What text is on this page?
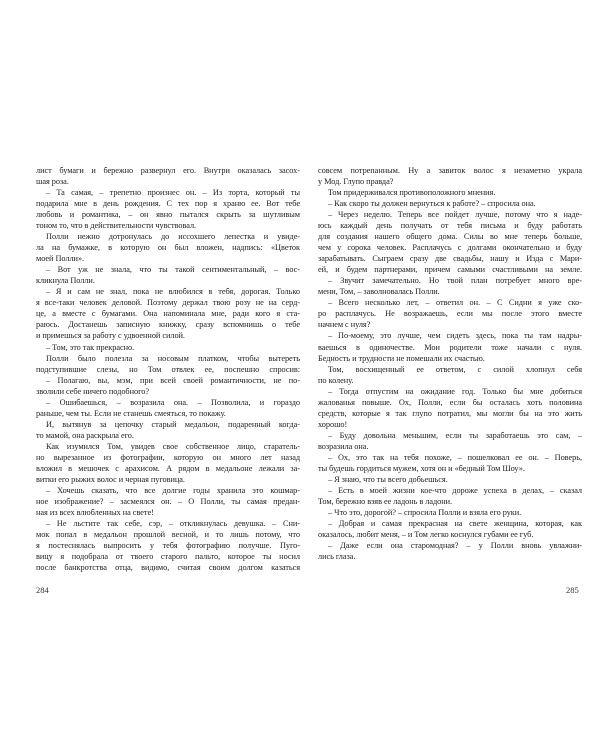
лист бумаги и бережно развернул его. Внутри оказалась засох-
шая роза.
– Та самая, – трепетно произнес он. – Из торта, который ты
подарила мне в день рождения. С тех пор я храню ее. Вот тебе
любовь и романтика, – он явно пытался скрыть за шутливым
тоном то, что в действительности чувствовал.
Полли нежно дотронулась до иссохшего лепестка и увиде-
ла на бумажке, в которую он был вложен, надпись: «Цветок
моей Полли».
– Вот уж не знала, что ты такой сентиментальный, – вос-
кликнула Полли.
– Я и сам не знал, пока не влюбился в тебя, дорогая. Только
я все-таки человек деловой. Поэтому держал твою розу не на серд-
це, а вместе с бумагами. Она напоминала мне, ради кого я ста-
раюсь. Достанешь записную книжку, сразу вспомнишь о тебе
и примешься за работу с удвоенной силой.
– Том, это так прекрасно.
Полли было полезла за носовым платком, чтобы вытереть
подступившие слезы, но Том отвлек ее, поспешно спросив:
– Полагаю, вы, мэм, при всей своей романтичности, не по-
зволили себе ничего подобного?
– Ошибаешься, – возразила она. – Позволила, и гораздо
раньше, чем ты. Если не станешь смеяться, то покажу.
И, вытянув за цепочку старый медальон, подаренный когда-
то мамой, она раскрыла его.
Как изумился Том, увидев свое собственное лицо, старатель-
но вырезанное из фотографии, которую он много лет назад
вложил в мешочек с арахисом. А рядом в медальоне лежали за-
витки его рыжих волос и черная пуговица.
– Хочешь сказать, что все долгие годы хранила это кошмар-
ное изображение? – засмеялся он. – О Полли, ты самая предан-
ная из всех влюбленных на свете!
– Не льстите так себе, сэр, – откликнулась девушка. – Сни-
мок попал в медальон прошлой весной, и то лишь потому, что
я постеснялась выпросить у тебя фотографию получше. Пуго-
вицу я подобрала от твоего старого пальто, которое ты носил
после банкротства отца, видимо, считая своим долгом казаться
совсем потрепанным. Ну а завиток волос я незаметно украла
у Мод. Глупо правда?
Том придерживался противоположного мнения.
– Как скоро ты должен вернуться к работе? – спросила она.
– Через неделю. Теперь все пойдет лучше, потому что я наде-
юсь каждый день получать от тебя письма и буду работать
для создания нашего общего дома. Силы во мне теперь больше,
чем у сорока человек. Расплачусь с долгами окончательно и буду
зарабатывать. Сыграем сразу две свадьбы, нашу и Издa с Мари-
ей, и будем партнерами, причем самыми счастливыми на земле.
– Звучит замечательно. Но твой план потребует много вре-
мени, Том, – заволновалась Полли.
– Всего несколько лет, – ответил он. – С Сидни я уже ско-
ро расплачусь. Не возражаешь, если мы после этого вместе
начнем с нуля?
– По-моему, это лучше, чем сидеть здесь, пока ты там надры-
ваешься в одиночестве. Мои родители тоже начали с нуля.
Бедность и трудности не помешали их счастью.
Том, восхищенный ее ответом, с силой хлопнул себя
по колену.
– Тогда отпустим на ожидание год. Только бы мне добиться
жалованья повыше. Ох, Полли, если бы осталась хоть половина
средств, которые я так глупо потратил, мы могли бы на это жить
хорошо!
– Буду довольна меньшим, если ты заработаешь это сам, –
возразила она.
– Ох, это так на тебя похоже, – пошелковал ее он. – Поверь,
ты будешь гордиться мужем, хотя он и «бедный Том Шоу».
– Я знаю, что ты всего добьешься.
– Есть в моей жизни кое-что дороже успеха в делах, – сказал
Том, бережно взяв ее ладонь в ладони.
– Что это, дорогой? – спросила Полли и взяла его руки.
– Добрая и самая прекрасная на свете женщина, которая, как
оказалось, любит меня, – и Том легко коснулся губами ее губ.
– Даже если она старомодная? – у Полли вновь увлажни-
лись глаза.
284	285
